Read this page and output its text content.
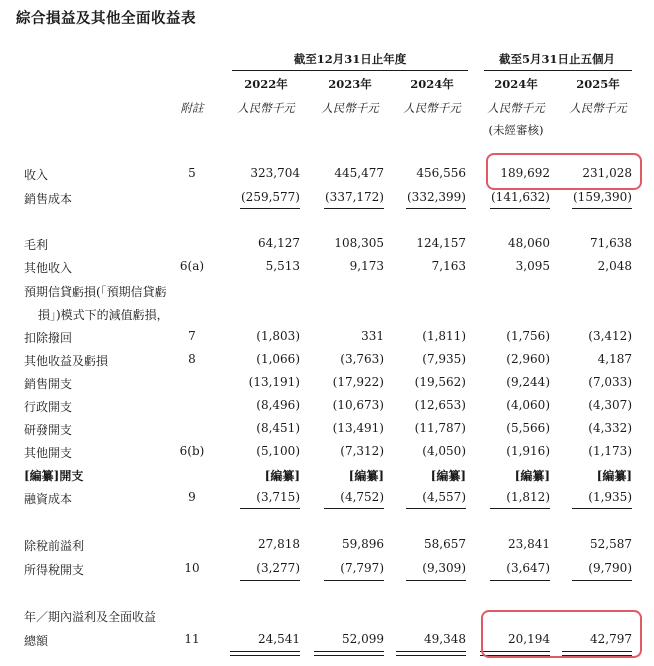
綜合損益及其他全面收益表
截至12月31日止年度	截至5月31日止五個月
2022年	2023年	2024年	2024年	2025年
附註	人民幣千元	人民幣千元	人民幣千元	人民幣千元	人民幣千元
(未經審核)
收入	5	323,704	445,477	456,556	189,692	231,028
銷售成本	(259,577)	(337,172)	(332,399)	(141,632)	(159,390)
毛利	64,127	108,305	124,157	48,060	71,638
其他收入	6(a)	5,513	9,173	7,163	3,095	2,048
預期信貸虧損(「預期信貸虧
損」)模式下的減值虧損，
扣除撥回	7	(1,803)	331	(1,811)	(1,756)	(3,412)
其他收益及虧損	8	(1,066)	(3,763)	(7,935)	(2,960)	4,187
銷售開支	(13,191)	(17,922)	(19,562)	(9,244)	(7,033)
行政開支	(8,496)	(10,673)	(12,653)	(4,060)	(4,307)
研發開支	(8,451)	(13,491)	(11,787)	(5,566)	(4,332)
其他開支	6(b)	(5,100)	(7,312)	(4,050)	(1,916)	(1,173)
[編纂]開支	[編纂]	[編纂]	[編纂]	[編纂]	[編纂]
融資成本	9	(3,715)	(4,752)	(4,557)	(1,812)	(1,935)
除稅前溢利	27,818	59,896	58,657	23,841	52,587
所得稅開支	10	(3,277)	(7,797)	(9,309)	(3,647)	(9,790)
年／期內溢利及全面收益
總額	11	24,541	52,099	49,348	20,194	42,797
